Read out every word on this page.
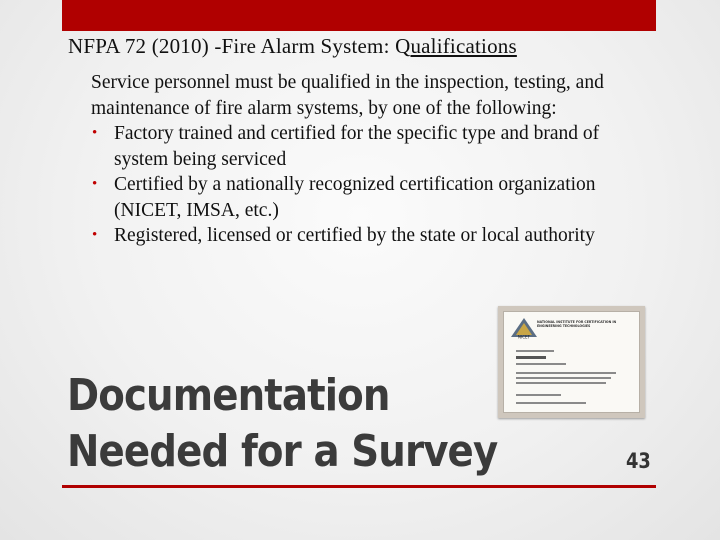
NFPA 72 (2010) -Fire Alarm System: Qualifications

Service personnel must be qualified in the inspection, testing, and maintenance of fire alarm systems, by one of the following:

• Factory trained and certified for the specific type and brand of system being serviced
• Certified by a nationally recognized certification organization (NICET, IMSA, etc.)
• Registered, licensed or certified by the state or local authority
NICET
NATIONAL INSTITUTE FOR CERTIFICATION IN ENGINEERING TECHNOLOGIES
Documentation
Needed for a Survey	43
